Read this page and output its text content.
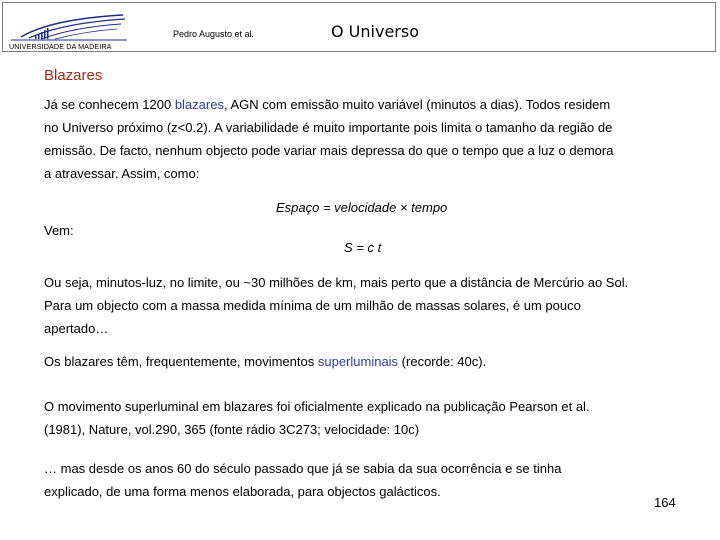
UNIVERSIDADE DA MADEIRA
Pedro Augusto et al.	O Universo
Blazares
Já se conhecem 1200 blazares, AGN com emissão muito variável (minutos a dias). Todos residem
no Universo próximo (z<0.2). A variabilidade é muito importante pois limita o tamanho da região de
emissão. De facto, nenhum objecto pode variar mais depressa do que o tempo que a luz o demora
a atravessar. Assim, como:
Espaço = velocidade × tempo
Vem:
S = c t
Ou seja, minutos-luz, no limite, ou ~30 milhões de km, mais perto que a distância de Mercúrio ao Sol.
Para um objecto com a massa medida mínima de um milhão de massas solares, é um pouco
apertado…
Os blazares têm, frequentemente, movimentos superluminais (recorde: 40c).
O movimento superluminal em blazares foi oficialmente explicado na publicação Pearson et al.
(1981), Nature, vol.290, 365 (fonte rádio 3C273; velocidade: 10c)
… mas desde os anos 60 do século passado que já se sabia da sua ocorrência e se tinha
explicado, de uma forma menos elaborada, para objectos galácticos.
164
